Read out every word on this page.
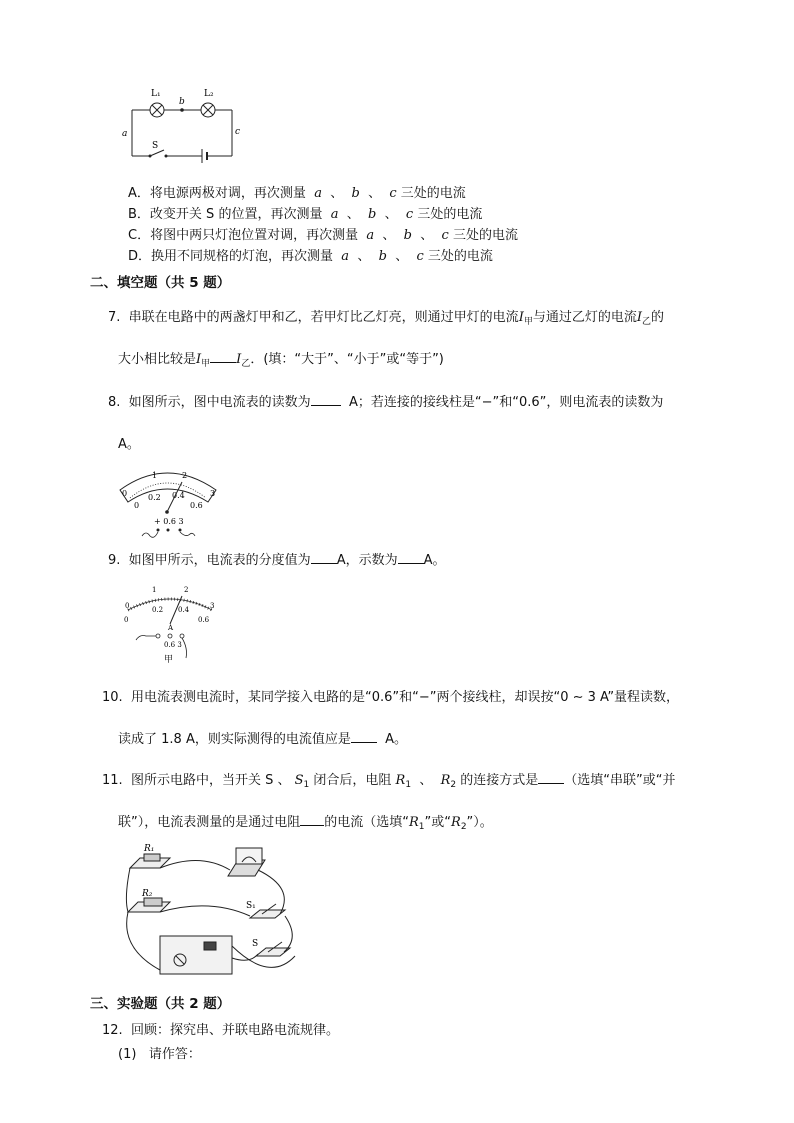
L₁	L₂
b
a	c
S
A．将电源两极对调，再次测量 a 、 b 、 c 三处的电流
B．改变开关 S 的位置，再次测量 a 、 b 、 c 三处的电流
C．将图中两只灯泡位置对调，再次测量 a 、 b 、 c 三处的电流
D．换用不同规格的灯泡，再次测量 a 、 b 、 c 三处的电流
二、填空题（共 5 题）
7. 串联在电路中的两盏灯甲和乙，若甲灯比乙灯亮，则通过甲灯的电流$I_甲$与通过乙灯的电流$I_乙$的
大小相比较是$I_甲$ $I_乙$．(填：“大于”、“小于”或“等于”)
8. 如图所示，图中电流表的读数为	A；若连接的接线柱是“−”和“0.6”，则电流表的读数为
A。
0
1	2
3
0
0.2 0.4
0.6
+ 0.6 3
9. 如图甲所示，电流表的分度值为 A，示数为 A。
0
1	2
3
0
0.2 0.4
0.6
A
0.6 3
甲
10. 用电流表测电流时，某同学接入电路的是“0.6”和“−”两个接线柱，却误按“0 ∼ 3 A”量程读数，
读成了 1.8 A，则实际测得的电流值应是	A。
11. 图所示电路中，当开关 S 、 $S_1$ 闭合后，电阻 $R_1$ 、 $R_2$ 的连接方式是 （选填“串联”或“并
联”），电流表测量的是通过电阻 的电流（选填“$R_1$”或“$R_2$”）。
R₁
R₂
S₁
S
三、实验题（共 2 题）
12. 回顾：探究串、并联电路电流规律。
(1) 请作答：
